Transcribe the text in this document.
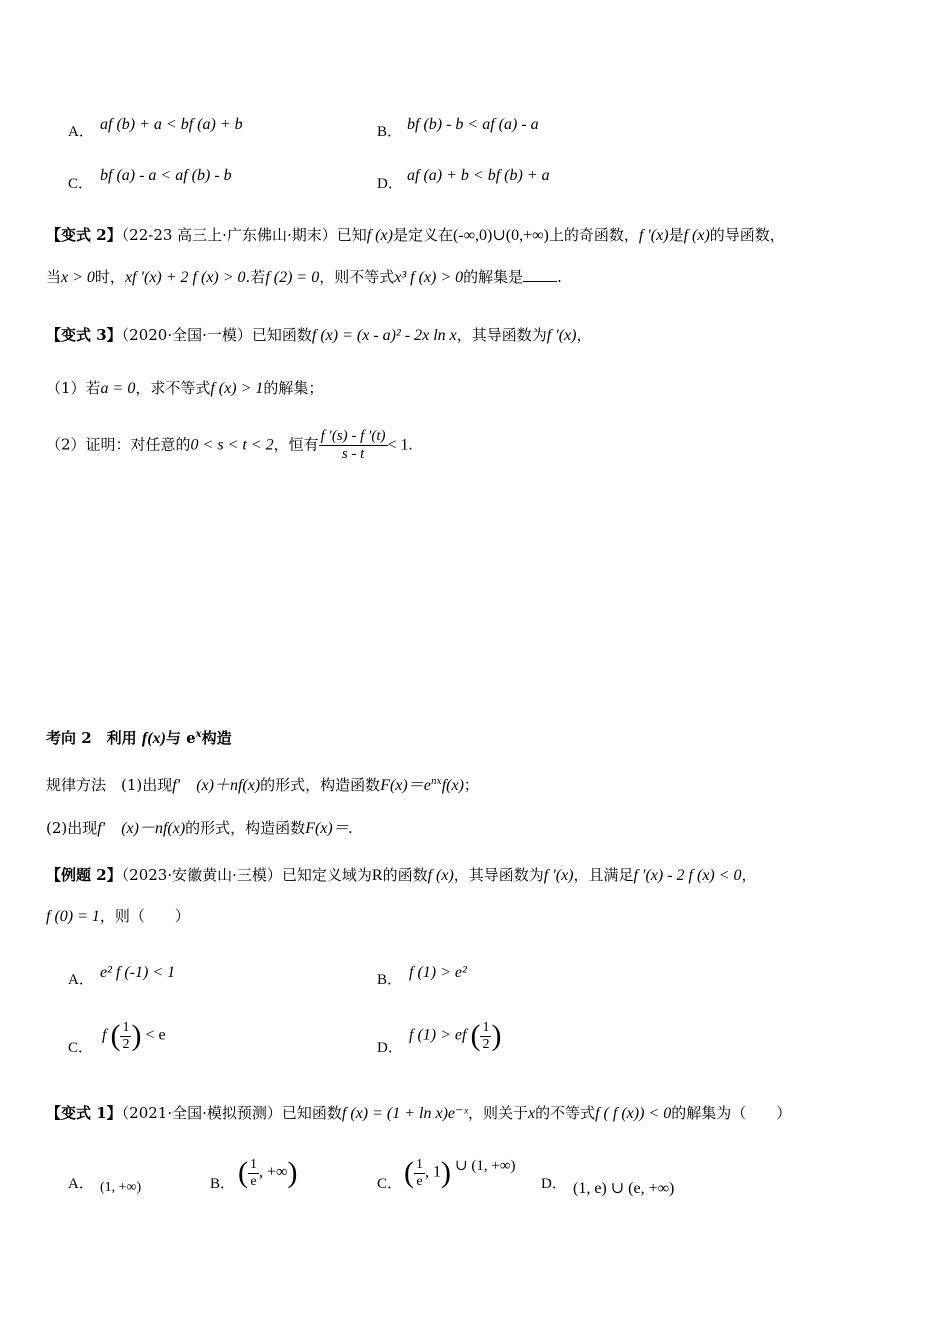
A． af (b) + a < bf (a) + b	B． bf (b) - b < af (a) - a
C． bf (a) - a < af (b) - b	D． af (a) + b < bf (b) + a
【变式 2】（22-23 高三上·广东佛山·期末）已知f (x)是定义在(-∞,0)∪(0,+∞)上的奇函数，f ′(x)是f (x)的导函数，
当x > 0时，xf ′(x) + 2 f (x) > 0.若f (2) = 0，则不等式x³ f (x) > 0的解集是 .
【变式 3】（2020·全国·一模）已知函数f (x) = (x - a)² - 2x ln x，其导函数为f ′(x)，
（1）若a = 0，求不等式f (x) > 1的解集；
（2）证明：对任意的0 < s < t < 2，恒有 $\frac{f '(s) - f '(t)}{s - t} < 1$.
考向 2　利用 f(x)与 $e^x$构造
规律方法　(1)出现f′　(x)＋nf(x)的形式，构造函数$F(x)=e^{nx}f(x)$；
(2)出现f′　(x)－nf(x)的形式，构造函数F(x)＝.
【例题 2】（2023·安徽黄山·三模）已知定义域为R的函数f (x)，其导函数为f ′(x)，且满足f ′(x) - 2 f (x) < 0，
f (0) = 1，则（　　）
A． e² f (-1) < 1	B． f (1) > e²
C．
f ( $\frac{1}{2}$ ) < e
D．
f (1) > ef ( $\frac{1}{2}$ )
【变式 1】（2021·全国·模拟预测）已知函数f (x) = (1 + ln x)e⁻ˣ，则关于x的不等式f ( f (x)) < 0的解集为（　　）
A． (1, +∞)	B． ( $\frac{1}{e}$ , +∞)	C． ( $\frac{1}{e}$ , 1) ∪ (1, +∞)
D． (1, e) ∪ (e, +∞)
